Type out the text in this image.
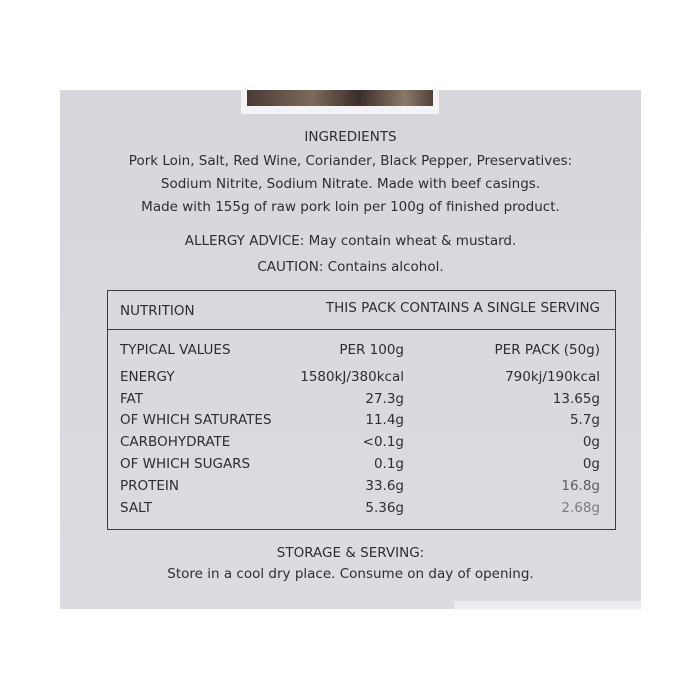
INGREDIENTS
Pork Loin, Salt, Red Wine, Coriander, Black Pepper, Preservatives:
Sodium Nitrite, Sodium Nitrate. Made with beef casings.
Made with 155g of raw pork loin per 100g of finished product.
ALLERGY ADVICE: May contain wheat & mustard.
CAUTION: Contains alcohol.
NUTRITION	THIS PACK CONTAINS A SINGLE SERVING
TYPICAL VALUES	PER 100g	PER PACK (50g)
ENERGY	1580kJ/380kcal	790kj/190kcal
FAT	27.3g	13.65g
OF WHICH SATURATES	11.4g	5.7g
CARBOHYDRATE	<0.1g	0g
OF WHICH SUGARS	0.1g	0g
PROTEIN	33.6g	16.8g
SALT	5.36g	2.68g
STORAGE & SERVING:
Store in a cool dry place. Consume on day of opening.
